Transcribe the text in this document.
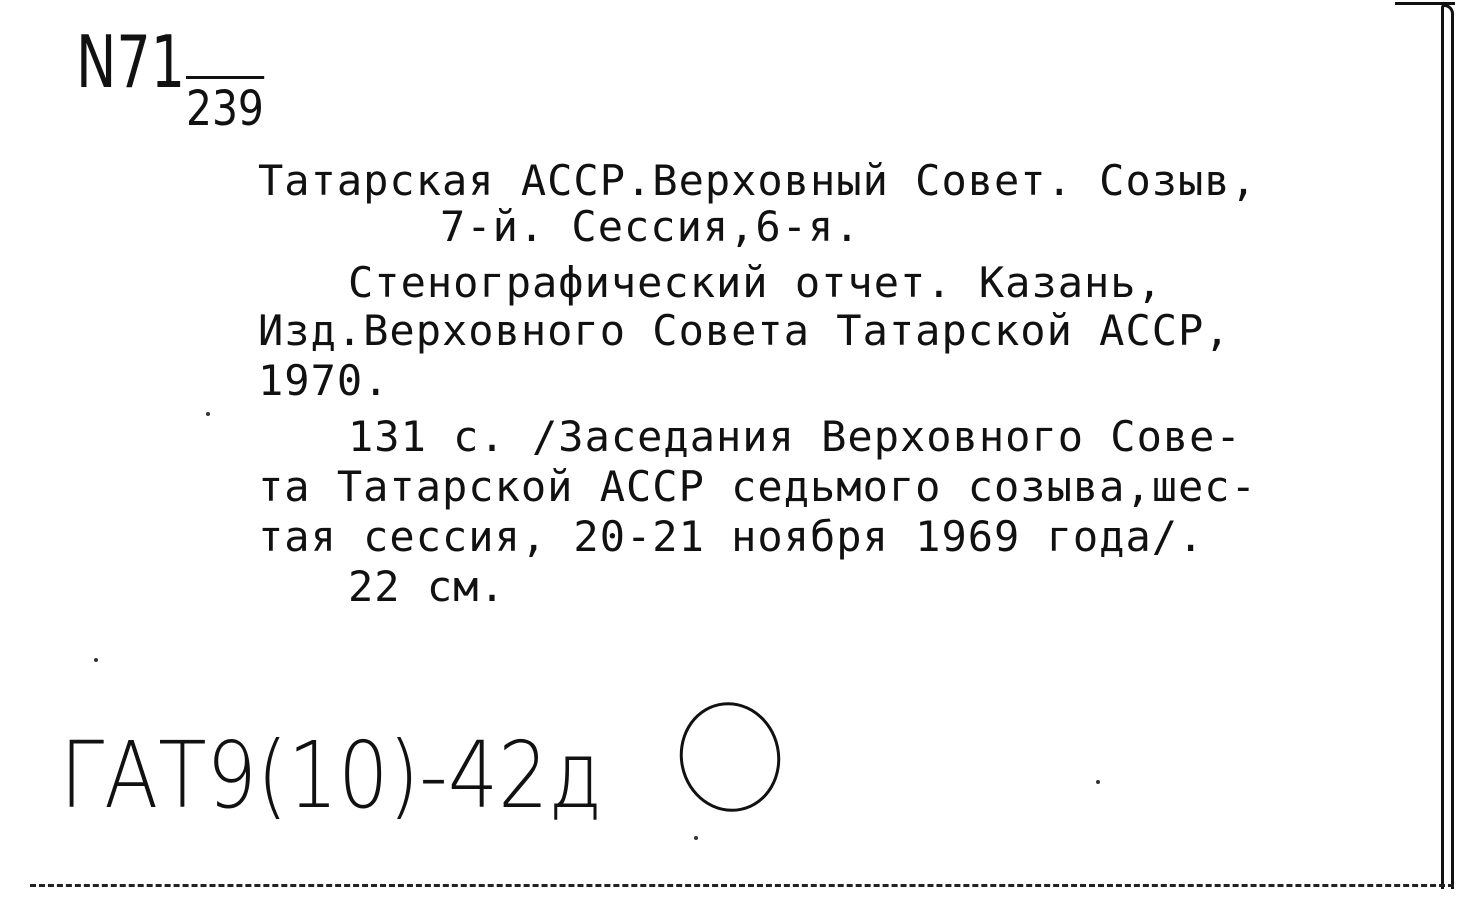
N71
239
Татарская АССР.Верховный Совет. Созыв,
7-й. Сессия,6-я.
Стенографический отчет. Казань,
Изд.Верховного Совета Татарской АССР,
1970.
131 с. /Заседания Верховного Сове-
та Татарской АССР седьмого созыва,шес-
тая сессия, 20-21 ноября 1969 года/.
22 см.
ГАТ9(10)-42д
